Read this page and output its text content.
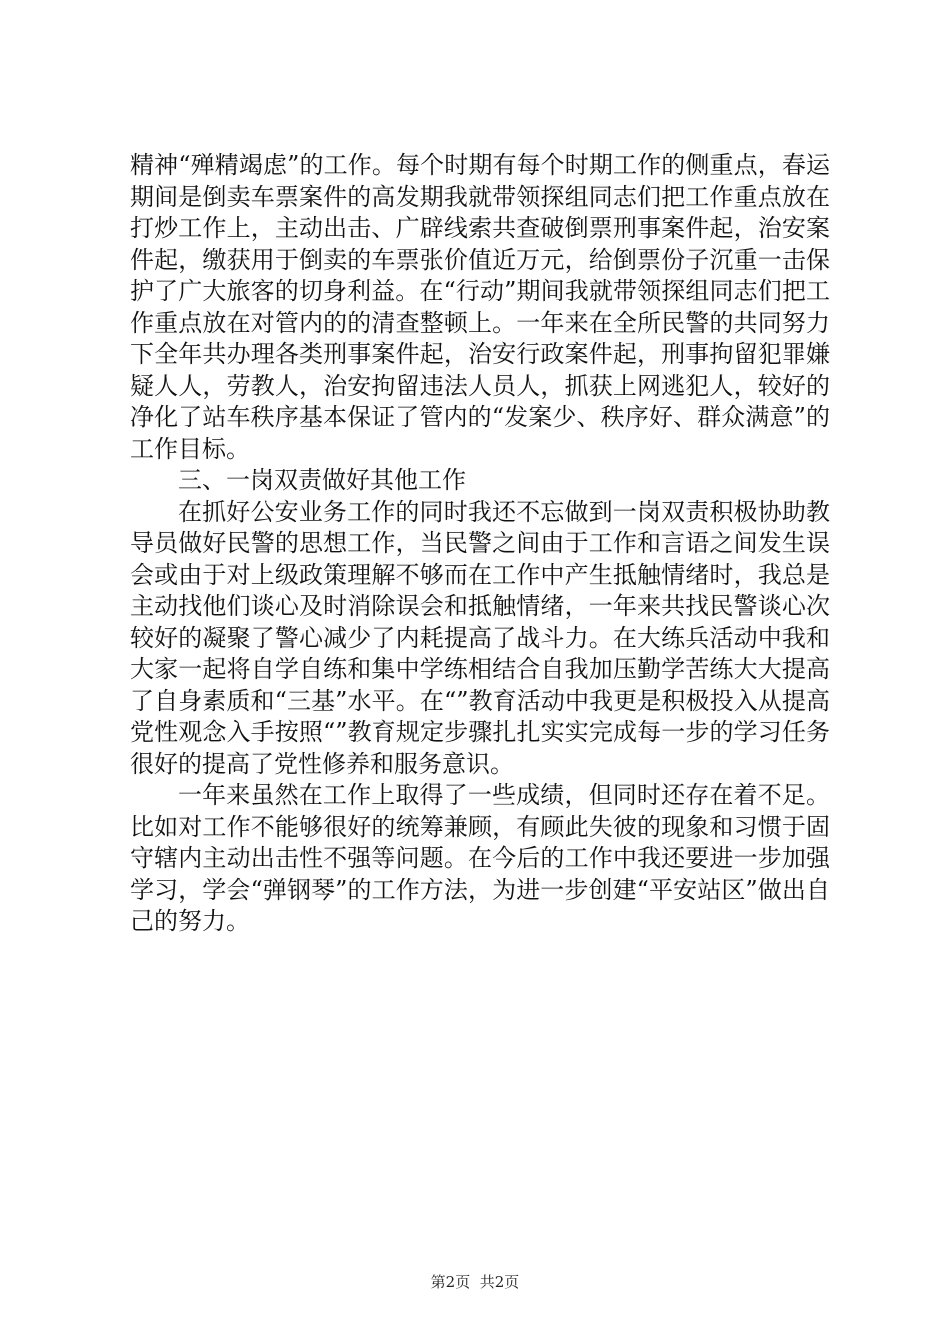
精神“殚精竭虑”的工作。每个时期有每个时期工作的侧重点，春运期间是倒卖车票案件的高发期我就带领探组同志们把工作重点放在打炒工作上，主动出击、广辟线索共查破倒票刑事案件起，治安案件起，缴获用于倒卖的车票张价值近万元，给倒票份子沉重一击保护了广大旅客的切身利益。在“行动”期间我就带领探组同志们把工作重点放在对管内的的清查整顿上。一年来在全所民警的共同努力下全年共办理各类刑事案件起，治安行政案件起，刑事拘留犯罪嫌疑人人，劳教人，治安拘留违法人员人，抓获上网逃犯人，较好的净化了站车秩序基本保证了管内的“发案少、秩序好、群众满意”的工作目标。

三、一岗双责做好其他工作

在抓好公安业务工作的同时我还不忘做到一岗双责积极协助教导员做好民警的思想工作，当民警之间由于工作和言语之间发生误会或由于对上级政策理解不够而在工作中产生抵触情绪时，我总是主动找他们谈心及时消除误会和抵触情绪，一年来共找民警谈心次较好的凝聚了警心减少了内耗提高了战斗力。在大练兵活动中我和大家一起将自学自练和集中学练相结合自我加压勤学苦练大大提高了自身素质和“三基”水平。在“”教育活动中我更是积极投入从提高党性观念入手按照“”教育规定步骤扎扎实实完成每一步的学习任务很好的提高了党性修养和服务意识。

一年来虽然在工作上取得了一些成绩，但同时还存在着不足。比如对工作不能够很好的统筹兼顾，有顾此失彼的现象和习惯于固守辖内主动出击性不强等问题。在今后的工作中我还要进一步加强学习，学会“弹钢琴”的工作方法，为进一步创建“平安站区”做出自己的努力。

第2页 共2页
